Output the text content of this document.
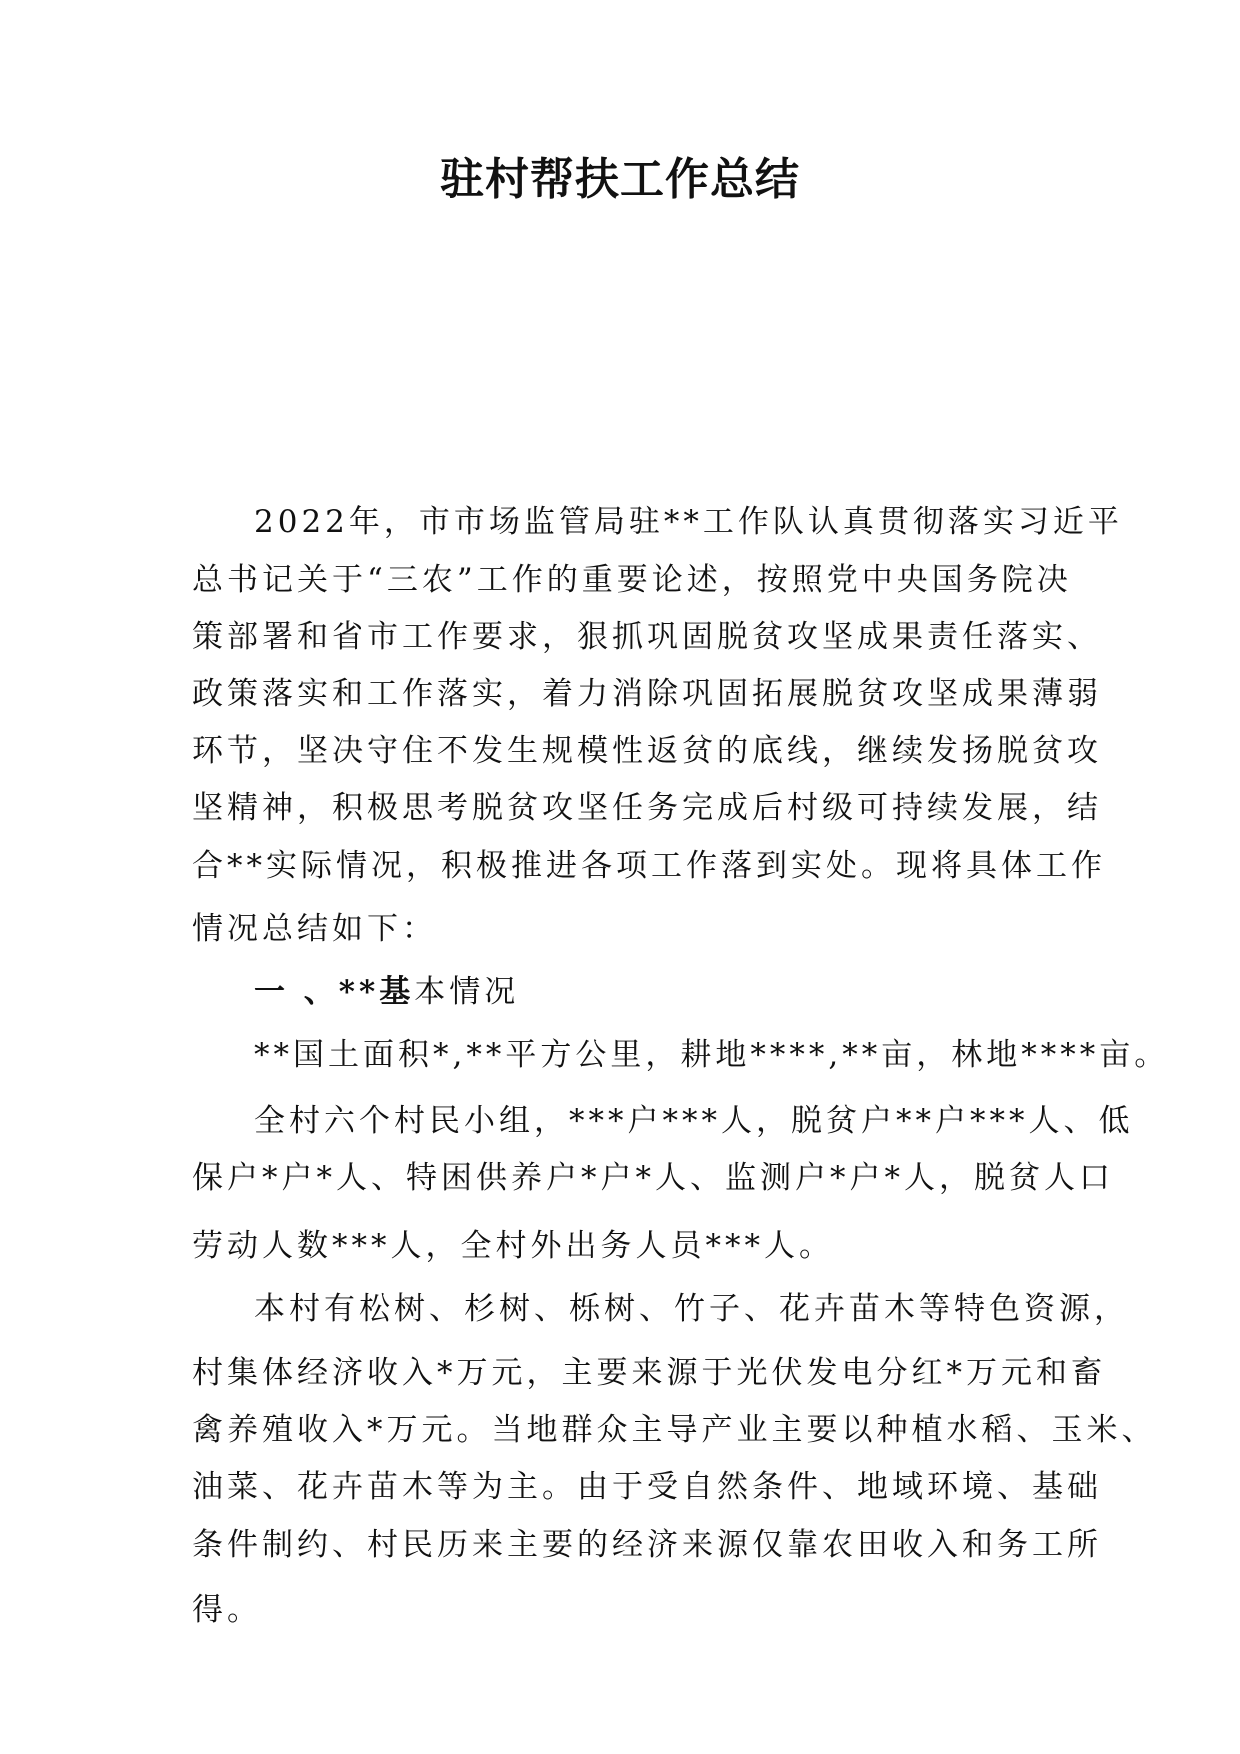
驻村帮扶工作总结
2022年，市市场监管局驻**工作队认真贯彻落实习近平
总书记关于“三农”工作的重要论述，按照党中央国务院决
策部署和省市工作要求，狠抓巩固脱贫攻坚成果责任落实、
政策落实和工作落实，着力消除巩固拓展脱贫攻坚成果薄弱
环节，坚决守住不发生规模性返贫的底线，继续发扬脱贫攻
坚精神，积极思考脱贫攻坚任务完成后村级可持续发展，结
合**实际情况，积极推进各项工作落到实处。现将具体工作
情况总结如下：
一 、**基本情况
**国土面积*,**平方公里，耕地****,**亩，林地****亩。
全村六个村民小组，***户***人，脱贫户**户***人、低
保户*户*人、特困供养户*户*人、监测户*户*人，脱贫人口
劳动人数***人，全村外出务人员***人。
本村有松树、杉树、栎树、竹子、花卉苗木等特色资源，
村集体经济收入*万元，主要来源于光伏发电分红*万元和畜
禽养殖收入*万元。当地群众主导产业主要以种植水稻、玉米、
油菜、花卉苗木等为主。由于受自然条件、地域环境、基础
条件制约、村民历来主要的经济来源仅靠农田收入和务工所
得。
